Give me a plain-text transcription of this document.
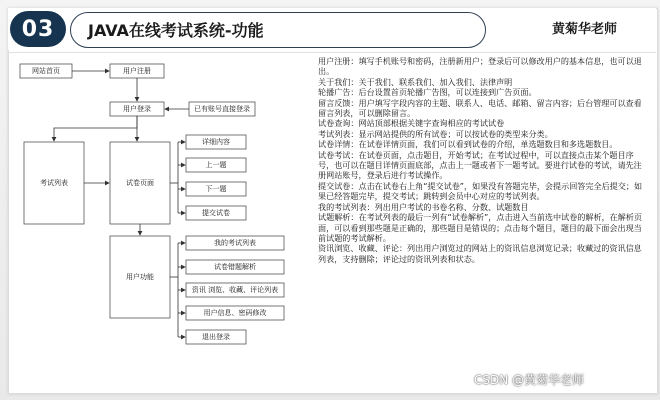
03	JAVA在线考试系统-功能	黄菊华老师
网站首页	用户注册
用户登录	已有账号直接登录
考试列表	试卷页面
详细内容
上一题
下一题
提交试卷
用户功能
我的考试列表
试卷错题解析
资讯 浏览、收藏、评论列表
用户信息、密码修改
退出登录

用户注册：填写手机账号和密码，注册新用户；登录后可以修改用户的基本信息，也可以退出。

关于我们：关于我们、联系我们、加入我们、法律声明

轮播广告：后台设置首页轮播广告图，可以连接到广告页面。

留言反馈：用户填写字段内容的主题、联系人、电话、邮箱、留言内容；后台管理可以查看留言列表，可以删除留言。

试卷查询：网站顶部根据关键字查询相应的考试试卷

考试列表：显示网站提供的所有试卷；可以按试卷的类型来分类。

试卷详情：在试卷详情页面，我们可以看到试卷的介绍，单选题数目和多选题数目。

试卷考试：在试卷页面，点击题目，开始考试；在考试过程中，可以直接点击某个题目序号，也可以在题目详情页面底部，点击上一题或者下一题考试。要进行试卷的考试，请先注册网站账号，登录后进行考试操作。

提交试卷：点击在试卷右上角“提交试卷”，如果没有答题完毕，会提示回答完全后提交；如果已经答题完毕，提交考试；跳转到会员中心对应的考试列表。

我的考试列表：列出用户考试的书卷名称、分数、试题数目

试题解析：在考试列表的最后一列有“试卷解析”，点击进入当前选中试卷的解析，在解析页面，可以看到那些题是正确的，那些题目是错误的；点击每个题目，题目的最下面会出现当前试题的考试解析。

资讯浏览、收藏、评论：列出用户浏览过的网站上的资讯信息浏览记录；收藏过的资讯信息列表，支持删除；评论过的资讯列表和状态。

CSDN @黄菊华老师
